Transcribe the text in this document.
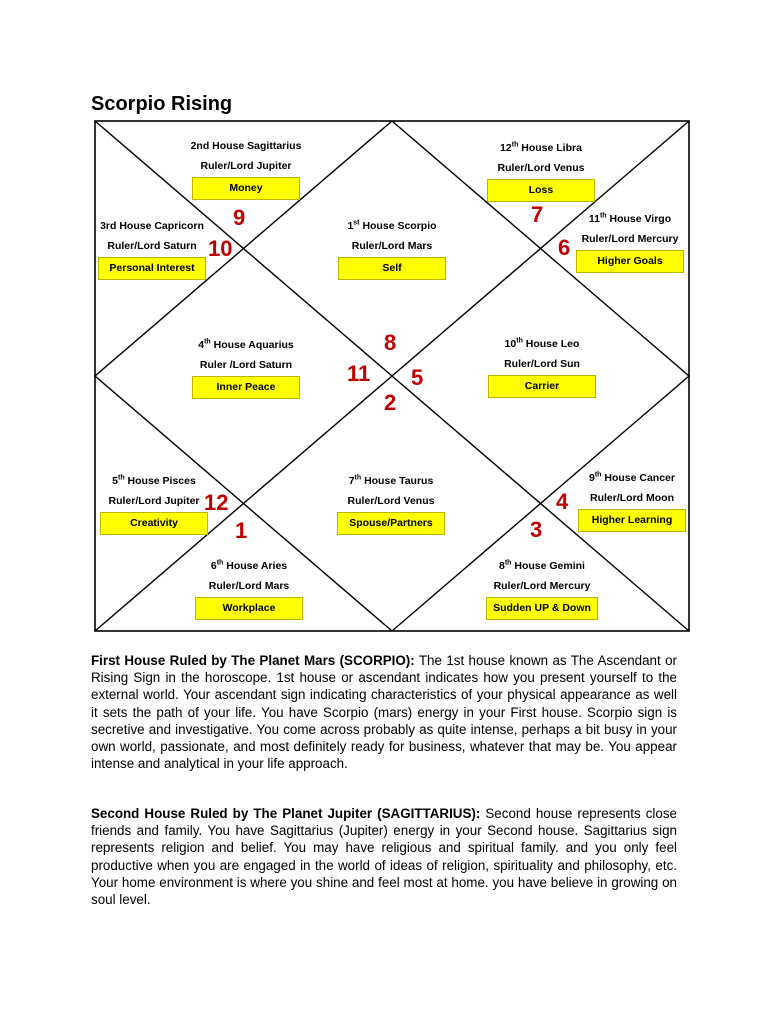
Scorpio Rising
2nd House Sagittarius
Ruler/Lord Jupiter
Money
12th House Libra
Ruler/Lord Venus
Loss
3rd House Capricorn
Ruler/Lord Saturn
Personal Interest
1st House Scorpio
Ruler/Lord Mars
Self
11th House Virgo
Ruler/Lord Mercury
Higher Goals
4th House Aquarius
Ruler /Lord Saturn
Inner Peace
10th House Leo
Ruler/Lord Sun
Carrier
5th House Pisces
Ruler/Lord Jupiter
Creativity
7th House Taurus
Ruler/Lord Venus
Spouse/Partners
9th House Cancer
Ruler/Lord Moon
Higher Learning
6th House Aries
Ruler/Lord Mars
Workplace
8th House Gemini
Ruler/Lord Mercury
Sudden UP & Down
9
10
7
6
8
11 5
2
12
1
4
3

First House Ruled by The Planet Mars (SCORPIO): The 1st house known as The Ascendant or Rising Sign in the horoscope. 1st house or ascendant indicates how you present yourself to the external world. Your ascendant sign indicating characteristics of your physical appearance as well it sets the path of your life. You have Scorpio (mars) energy in your First house. Scorpio sign is secretive and investigative. You come across probably as quite intense, perhaps a bit busy in your own world, passionate, and most definitely ready for business, whatever that may be. You appear intense and analytical in your life approach.

Second House Ruled by The Planet Jupiter (SAGITTARIUS): Second house represents close friends and family. You have Sagittarius (Jupiter) energy in your Second house. Sagittarius sign represents religion and belief. You may have religious and spiritual family. and you only feel productive when you are engaged in the world of ideas of religion, spirituality and philosophy, etc. Your home environment is where you shine and feel most at home. you have believe in growing on soul level.
